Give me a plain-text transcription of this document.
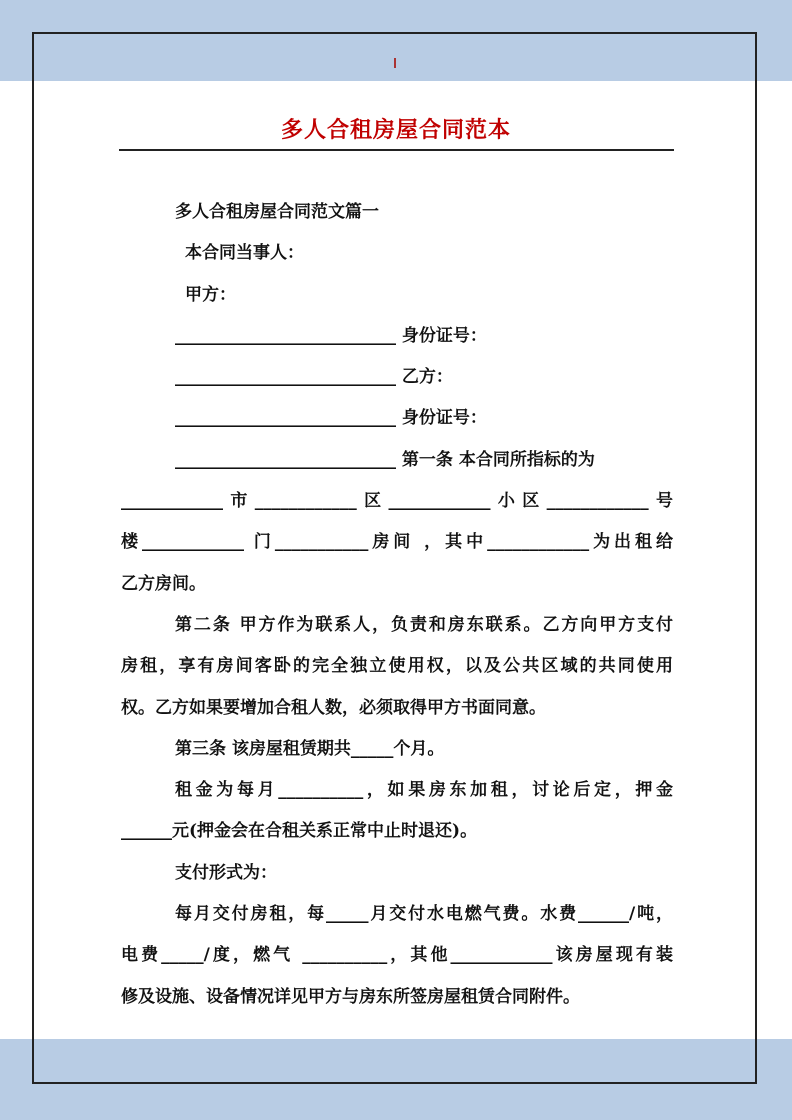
多人合租房屋合同范本

多人合租房屋合同范文篇一

本合同当事人：

甲方：

__________________________ 身份证号：

__________________________ 乙方：

__________________________ 身份证号：

__________________________ 第一条 本合同所指标的为

____________市____________区____________小区____________号

楼____________ 门___________房间 ，其中____________为出租给

乙方房间。

第二条 甲方作为联系人，负责和房东联系。乙方向甲方支付

房租，享有房间客卧的完全独立使用权，以及公共区域的共同使用

权。乙方如果要增加合租人数，必须取得甲方书面同意。

第三条 该房屋租赁期共_____个月。

租金为每月__________，如果房东加租，讨论后定，押金

______元(押金会在合租关系正常中止时退还)。

支付形式为：

每月交付房租，每_____月交付水电燃气费。水费______/吨，

电费_____/度，燃气 __________，其他____________该房屋现有装

修及设施、设备情况详见甲方与房东所签房屋租赁合同附件。
